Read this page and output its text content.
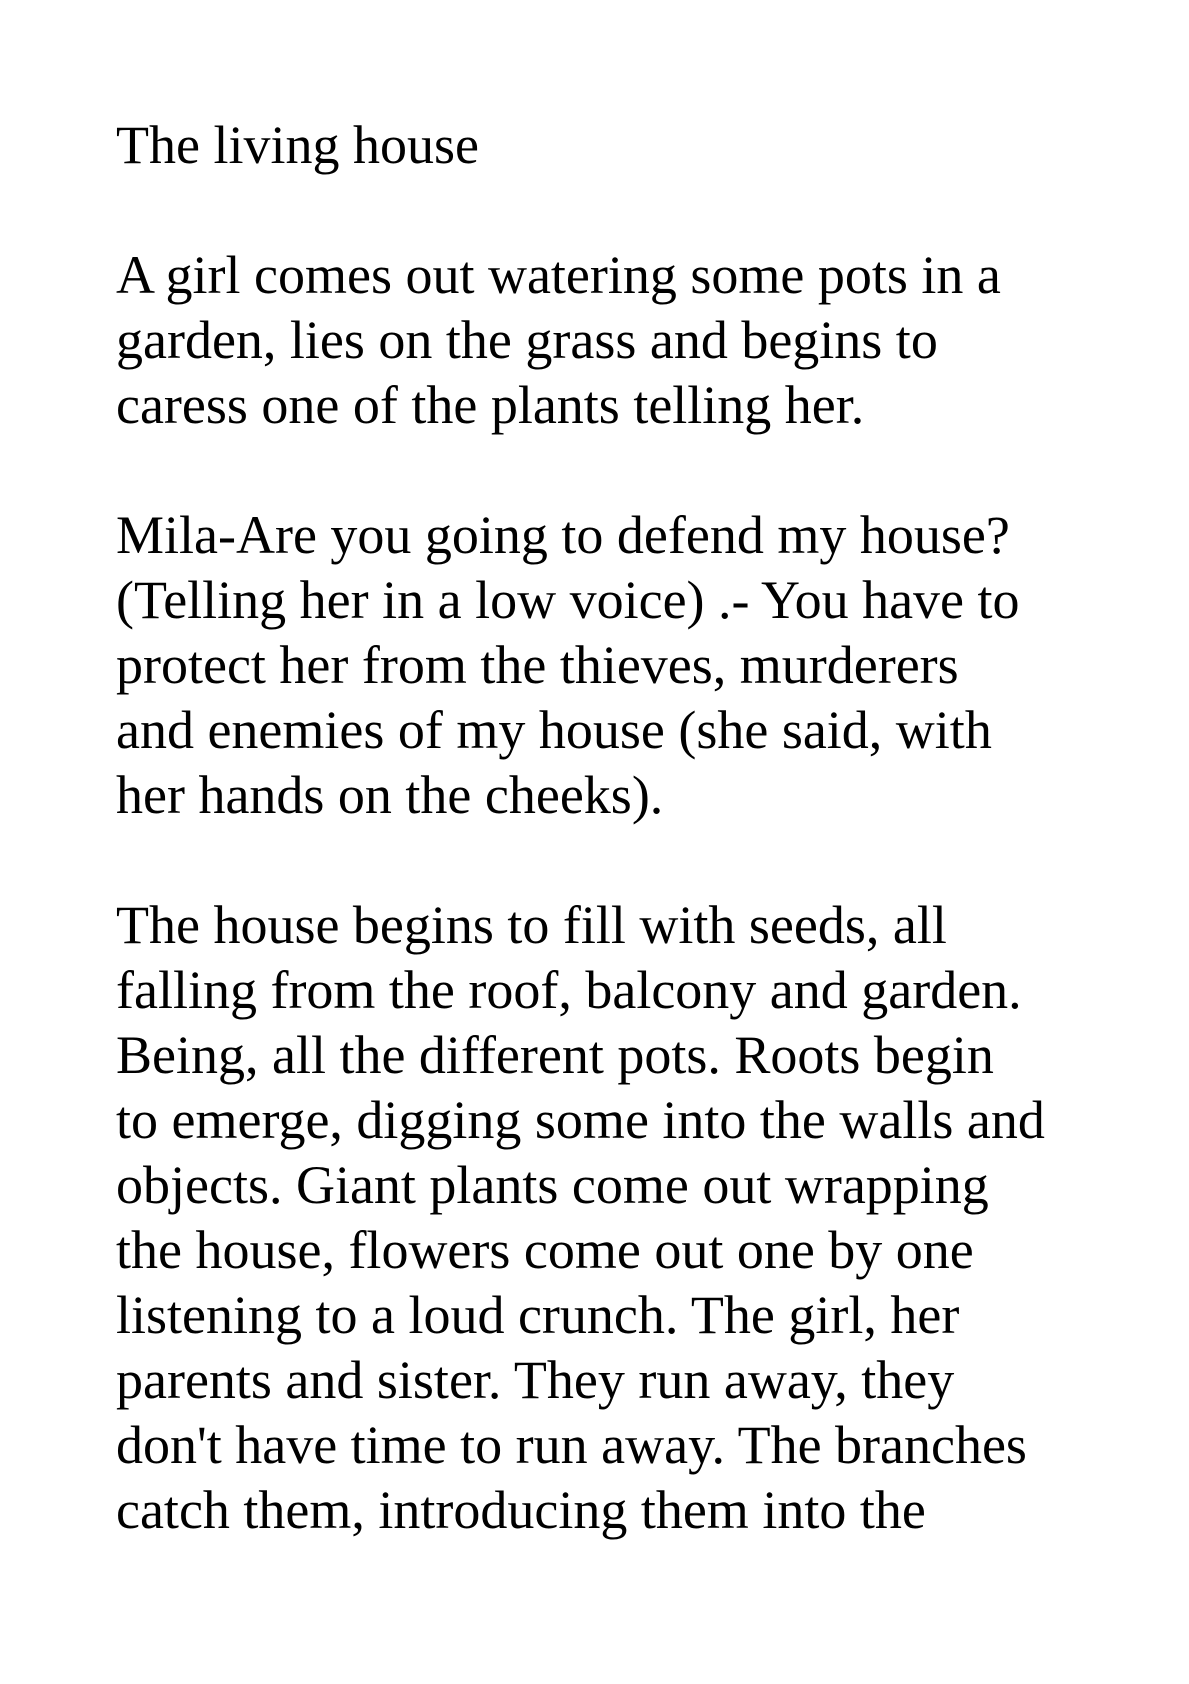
The living house

A girl comes out watering some pots in a

garden, lies on the grass and begins to

caress one of the plants telling her.

Mila-Are you going to defend my house?

(Telling her in a low voice) .- You have to

protect her from the thieves, murderers

and enemies of my house (she said, with

her hands on the cheeks).

The house begins to fill with seeds, all

falling from the roof, balcony and garden.

Being, all the different pots. Roots begin

to emerge, digging some into the walls and

objects. Giant plants come out wrapping

the house, flowers come out one by one

listening to a loud crunch. The girl, her

parents and sister. They run away, they

don't have time to run away. The branches

catch them, introducing them into the
